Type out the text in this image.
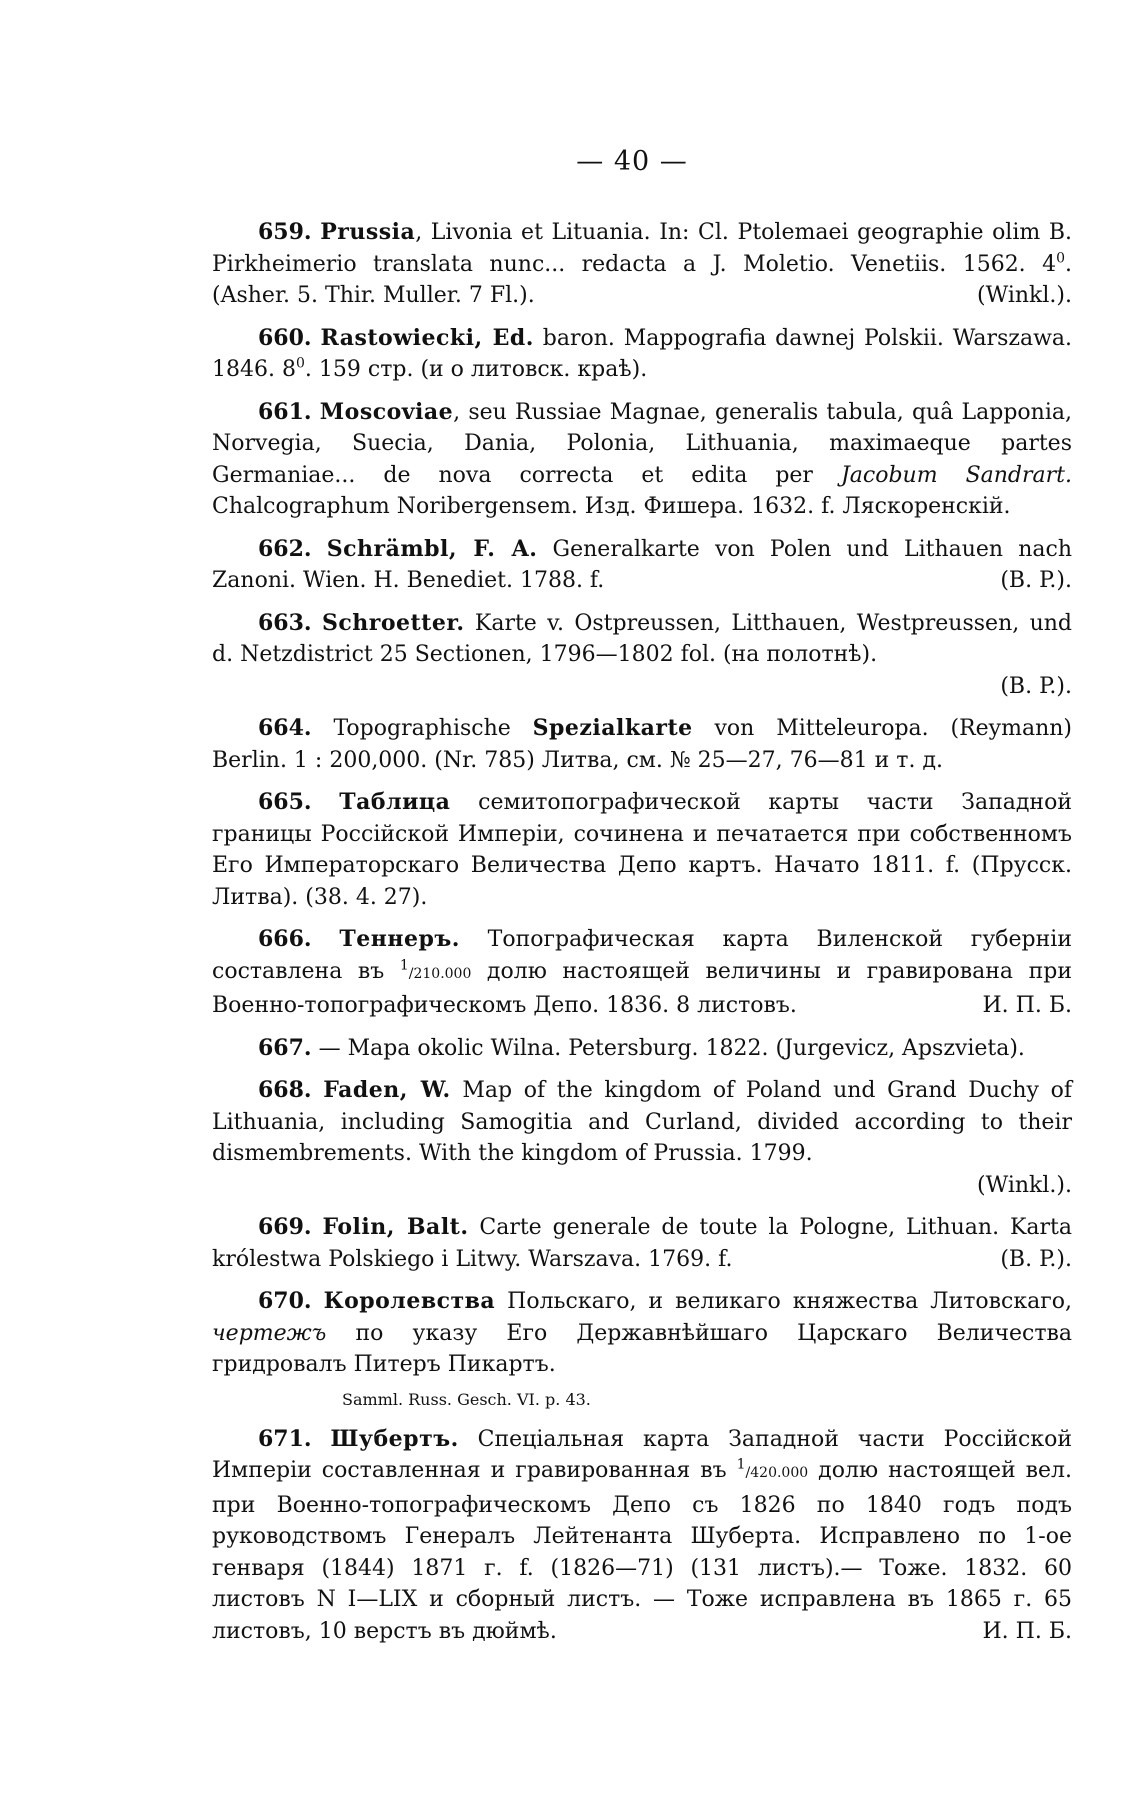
— 40 —

659. Prussia, Livonia et Lituania. In: Cl. Ptolemaei geographie olim B. Pirkheimerio translata nunc... redacta a J. Moletio. Venetiis. 1562. $4^0$. (Asher. 5. Thir. Muller. 7 Fl.).	(Winkl.).

660. Rastowiecki, Ed. baron. Mappografia dawnej Polskii. Warszawa. 1846. $8^0$. 159 стр. (и о литовск. краѣ).

661. Moscoviae, seu Russiae Magnae, generalis tabula, quâ Lapponia, Norvegia, Suecia, Dania, Polonia, Lithuania, maximaeque partes Germaniae... de nova correcta et edita per Jacobum Sandrart. Chalcographum Noribergensem. Изд. Фишера. 1632. f. Ляскоренскій.

662. Schrämbl, F. A. Generalkarte von Polen und Lithauen nach Zanoni. Wien. H. Benediet. 1788. f.	(B. P.).

663. Schroetter. Karte v. Ostpreussen, Litthauen, Westpreussen, und d. Netzdistrict 25 Sectionen, 1796—1802 fol. (на полотнѣ).
(B. P.).

664. Topographische Spezialkarte von Mitteleuropa. (Reymann) Berlin. 1 : 200,000. (Nr. 785) Литва, см. № 25—27, 76—81 и т. д.

665. Таблица семитопографической карты части Западной границы Россійской Имперіи, сочинена и печатается при собственномъ Его Императорскаго Величества Депо картъ. Начато 1811. f. (Прусск. Литва). (38. 4. 27).

666. Теннеръ. Топографическая карта Виленской губерніи составлена въ $^1$/210.000 долю настоящей величины и гравирована при Военно-топографическомъ Депо. 1836. 8 листовъ.	И. П. Б.

667. — Mapa okolic Wilna. Petersburg. 1822. (Jurgevicz, Apszvieta).

668. Faden, W. Map of the kingdom of Poland und Grand Duchy of Lithuania, including Samogitia and Curland, divided according to their dismembrements. With the kingdom of Prussia. 1799.
(Winkl.).

669. Folin, Balt. Carte generale de toute la Pologne, Lithuan. Karta królestwa Polskiego i Litwy. Warszava. 1769. f.	(B. P.).

670. Королевства Польскаго, и великаго княжества Литовскаго, чертежъ по указу Его Державнѣйшаго Царскаго Величества гридровалъ Питеръ Пикартъ.

Samml. Russ. Gesch. VI. p. 43.

671. Шубертъ. Спеціальная карта Западной части Россійской Имперіи составленная и гравированная въ $^1$/420.000 долю настоящей вел. при Военно-топографическомъ Депо съ 1826 по 1840 годъ подъ руководствомъ Генералъ Лейтенанта Шуберта. Исправлено по 1-ое генваря (1844) 1871 г. f. (1826—71) (131 листъ).— Тоже. 1832. 60 листовъ N I—LIX и сборный листъ. — Тоже исправлена въ 1865 г. 65 листовъ, 10 верстъ въ дюймѣ.	И. П. Б.
